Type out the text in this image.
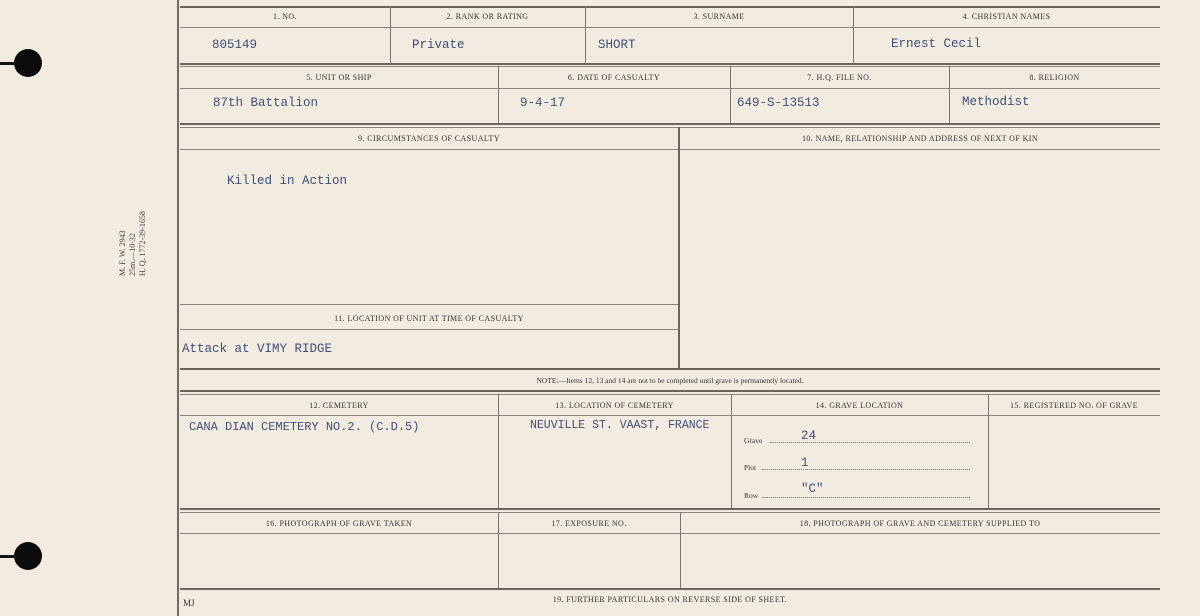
M. F. W. 2943 25m.—10-32 H. Q. 1772-39-1658
1. NO.	2. RANK OR RATING	3. SURNAME	4. CHRISTIAN NAMES
805149	Private	SHORT	Ernest Cecil
5. UNIT OR SHIP	6. DATE OF CASUALTY	7. H.Q. FILE NO.	8. RELIGION
87th Battalion	9-4-17	649-S-13513	Methodist
9. CIRCUMSTANCES OF CASUALTY	10. NAME, RELATIONSHIP AND ADDRESS OF NEXT OF KIN
Killed in Action
11. LOCATION OF UNIT AT TIME OF CASUALTY
Attack at VIMY RIDGE
NOTE:—Items 12, 13 and 14 are not to be completed until grave is permanently located.
12. CEMETERY	13. LOCATION OF CEMETERY	14. GRAVE LOCATION	15. REGISTERED NO. OF GRAVE
CANA DIAN CEMETERY NO.2. (C.D.5)	NEUVILLE ST. VAAST, FRANCE
Grave	24
Plot	1
Row	"C"
16. PHOTOGRAPH OF GRAVE TAKEN	17. EXPOSURE NO.	18. PHOTOGRAPH OF GRAVE AND CEMETERY SUPPLIED TO
MJ	19. FURTHER PARTICULARS ON REVERSE SIDE OF SHEET.
